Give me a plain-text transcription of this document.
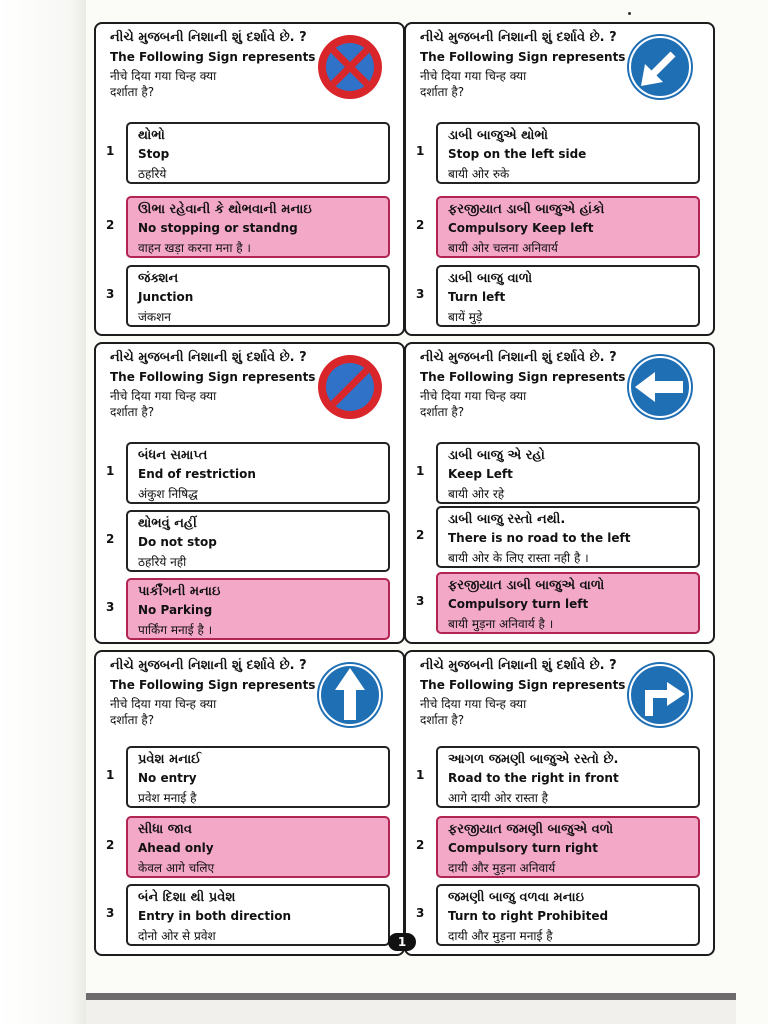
નીચે મુજબની નિશાની શું દર્શાવે છે. ?
The Following Sign represents
नीचे दिया गया चिन्ह क्या
दर्शाता है?
1
થોભો
Stop
ठहरिये
2
ઊભા રહેવાની કે થોભવાની મનાઇ
No stopping or standng
वाहन खड़ा करना मना है ।
3
જંક્શન
Junction
जंकशन
નીચે મુજબની નિશાની શું દર્શાવે છે. ?
The Following Sign represents
नीचे दिया गया चिन्ह क्या
दर्शाता है?
1
ડાબી બાજુએ થોભો
Stop on the left side
बायी ओर रुके
2
ફરજીયાત ડાબી બાજુએ હાંકો
Compulsory Keep left
बायी ओर चलना अनिवार्य
3
ડાબી બાજુ વાળો
Turn left
बायें मुड़े
નીચે મુજબની નિશાની શું દર્શાવે છે. ?
The Following Sign represents
नीचे दिया गया चिन्ह क्या
दर्शाता है?
1
બંધન સમાપ્ત
End of restriction
अंकुश निषिद्ध
2
થોભવું નહીં
Do not stop
ठहरिये नही
3
પાર્કીંગની મનાઇ
No Parking
पार्किंग मनाई है ।
નીચે મુજબની નિશાની શું દર્શાવે છે. ?
The Following Sign represents
नीचे दिया गया चिन्ह क्या
दर्शाता है?
1
ડાબી બાજુ એ રહો
Keep Left
बायी ओर रहे
2
ડાબી બાજુ રસ્તો નથી.
There is no road to the left
बायी ओर के लिए रास्ता नही है ।
3
ફરજીયાત ડાબી બાજુએ વાળો
Compulsory turn left
बायी मुड़ना अनिवार्य है ।
નીચે મુજબની નિશાની શું દર્શાવે છે. ?
The Following Sign represents
नीचे दिया गया चिन्ह क्या
दर्शाता है?
1
પ્રવેશ મનાઈ
No entry
प्रवेश मनाई है
2
સીધા જાવ
Ahead only
केवल आगे चलिए
3
બંને દિશા થી પ્રવેશ
Entry in both direction
दोनो ओर से प्रवेश
નીચે મુજબની નિશાની શું દર્શાવે છે. ?
The Following Sign represents
नीचे दिया गया चिन्ह क्या
दर्शाता है?
1
આગળ જમણી બાજુએ રસ્તો છે.
Road to the right in front
आगे दायी ओर रास्ता है
2
ફરજીયાત જમણી બાજુએ વળો
Compulsory turn right
दायी और मुड़ना अनिवार्य
3
જમણી બાજુ વળવા મનાઇ
Turn to right Prohibited
दायी और मुड़ना मनाई है
1
